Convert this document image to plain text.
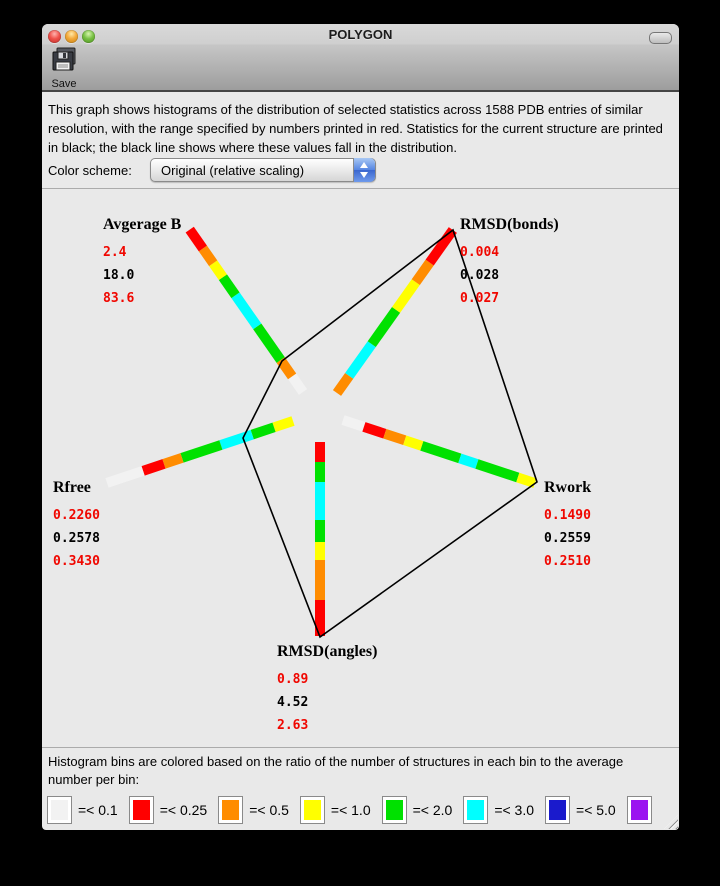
Avgerage B
2.4
18.0
83.6
RMSD(bonds)
0.004
0.028
0.027
Rwork
0.1490
0.2559
0.2510
RMSD(angles)
0.89
4.52
2.63
Rfree
0.2260
0.2578
0.3430
This graph shows histograms of the distribution of selected statistics across 1588 PDB entries of similar resolution, with the range specified by numbers printed in red. Statistics for the current structure are printed in black; the black line shows where these values fall in the distribution.
Color scheme: Original (relative scaling)
Histogram bins are colored based on the ratio of the number of structures in each bin to the average number per bin:
=< 0.1	=< 0.25	=< 0.5	=< 1.0	=< 2.0	=< 3.0	=< 5.0
POLYGON
Save
